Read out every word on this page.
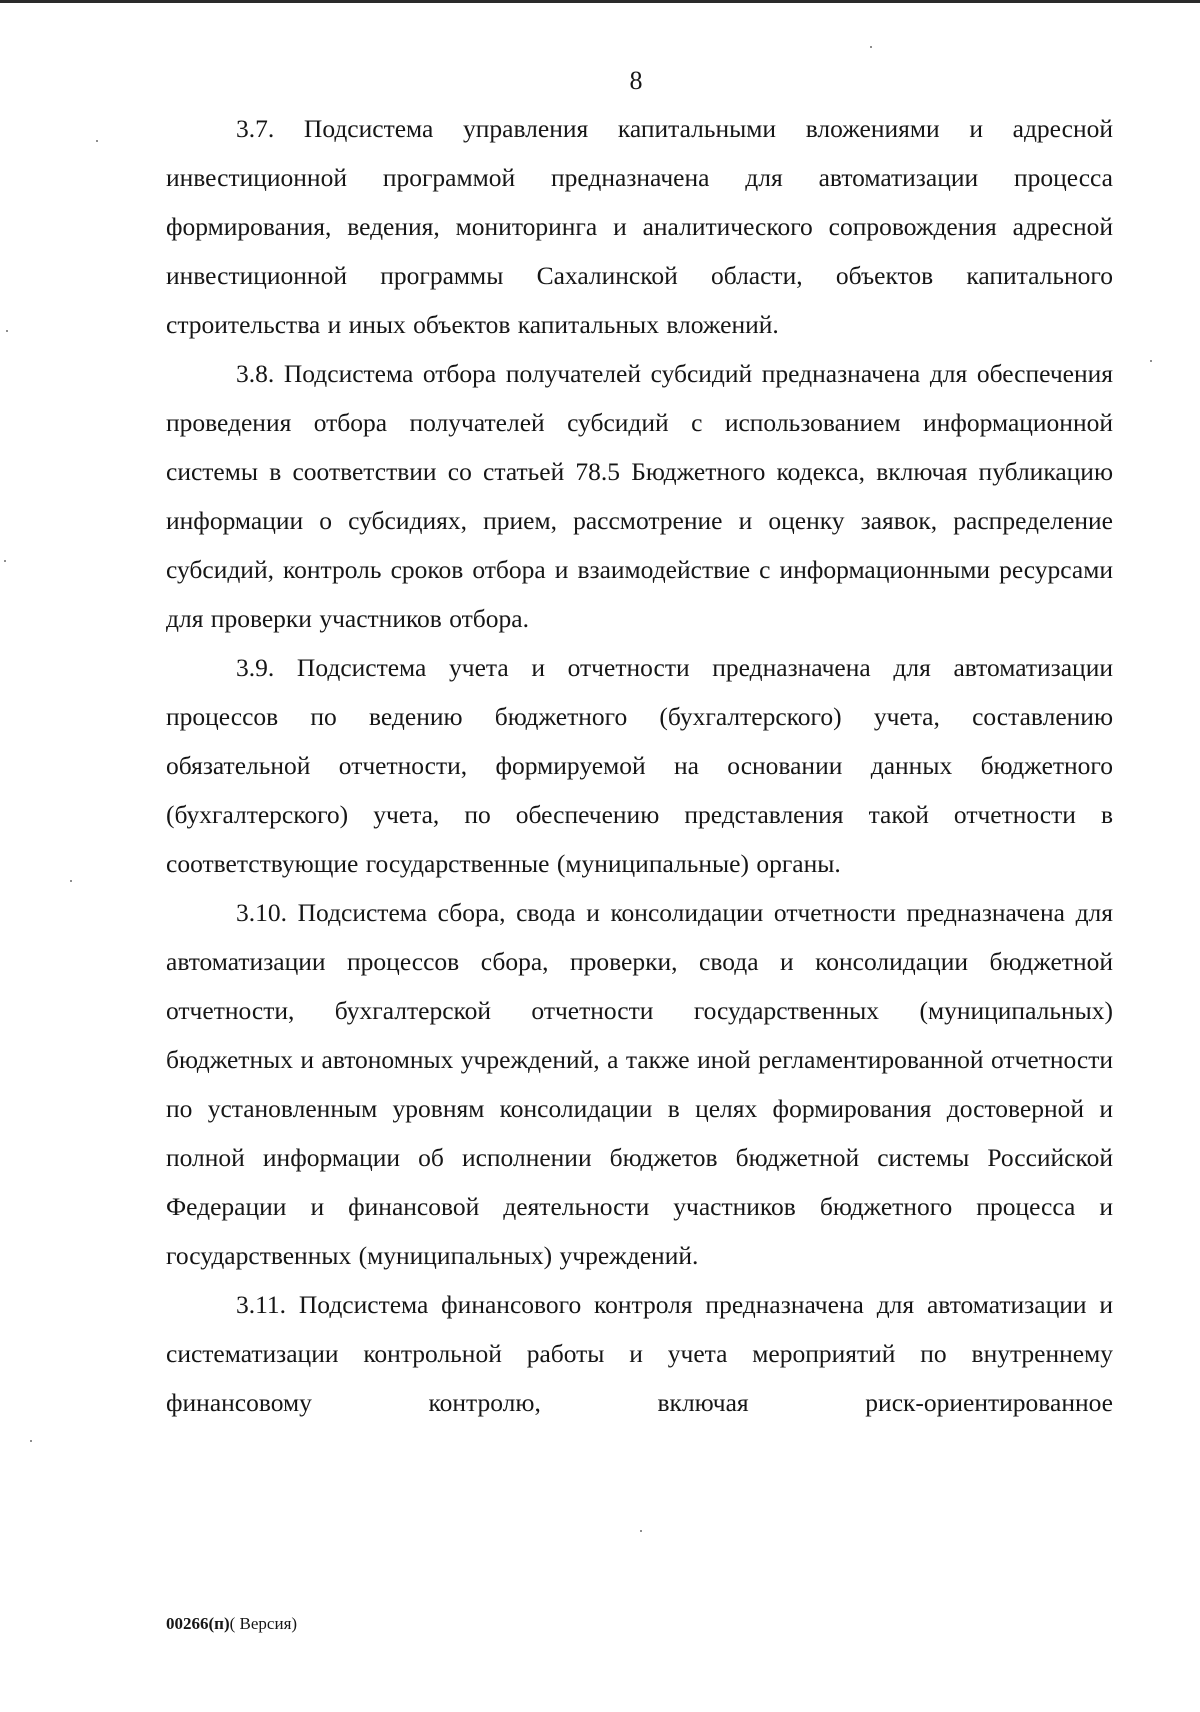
8

3.7. Подсистема управления капитальными вложениями и адресной инвестиционной программой предназначена для автоматизации процесса формирования, ведения, мониторинга и аналитического сопровождения адресной инвестиционной программы Сахалинской области, объектов капитального строительства и иных объектов капитальных вложений.

3.8. Подсистема отбора получателей субсидий предназначена для обеспечения проведения отбора получателей субсидий с использованием информационной системы в соответствии со статьей 78.5 Бюджетного кодекса, включая публикацию информации о субсидиях, прием, рассмотрение и оценку заявок, распределение субсидий, контроль сроков отбора и взаимодействие с информационными ресурсами для проверки участников отбора.

3.9. Подсистема учета и отчетности предназначена для автоматизации процессов по ведению бюджетного (бухгалтерского) учета, составлению обязательной отчетности, формируемой на основании данных бюджетного (бухгалтерского) учета, по обеспечению представления такой отчетности в соответствующие государственные (муниципальные) органы.

3.10. Подсистема сбора, свода и консолидации отчетности предназначена для автоматизации процессов сбора, проверки, свода и консолидации бюджетной отчетности, бухгалтерской отчетности государственных (муниципальных) бюджетных и автономных учреждений, а также иной регламентированной отчетности по установленным уровням консолидации в целях формирования достоверной и полной информации об исполнении бюджетов бюджетной системы Российской Федерации и финансовой деятельности участников бюджетного процесса и государственных (муниципальных) учреждений.

3.11. Подсистема финансового контроля предназначена для автоматизации и систематизации контрольной работы и учета мероприятий по внутреннему финансовому контролю, включая риск-ориентированное

00266(п)( Версия)
